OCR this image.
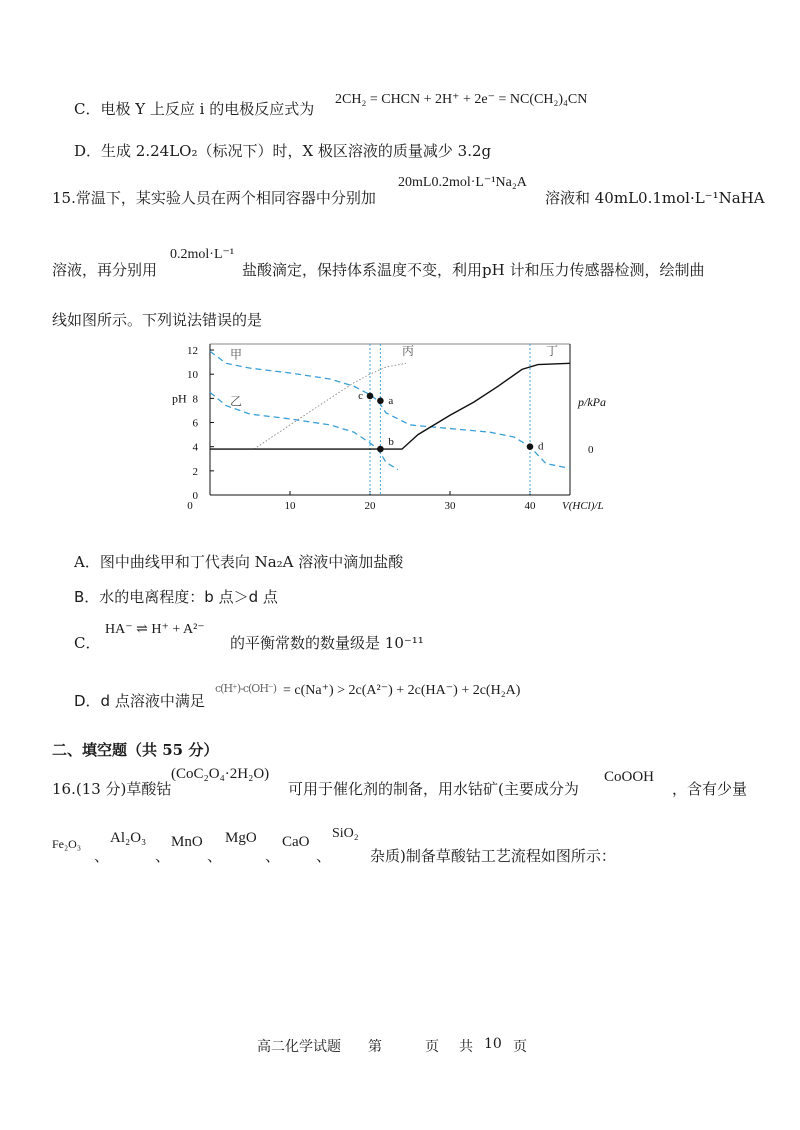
C．电极 Y 上反应 i 的电极反应式为
2CH₂ = CHCN + 2H⁺ + 2e⁻ = NC(CH₂)₄CN
D．生成 2.24LO₂（标况下）时，X 极区溶液的质量减少 3.2g
15.常温下，某实验人员在两个相同容器中分别加
20mL0.2mol·L⁻¹Na₂A
溶液和 40mL0.1mol·L⁻¹NaHA
溶液，再分别用
0.2mol·L⁻¹
盐酸滴定，保持体系温度不变，利用pH 计和压力传感器检测，绘制曲
线如图所示。下列说法错误的是
0
2
4
6
8
10
12
10	20	30	40
0
pH	p/kPa
0
V(HCl)/L
甲
乙
丙	丁
a
b
c
d
A．图中曲线甲和丁代表向 Na₂A 溶液中滴加盐酸
B．水的电离程度：b 点＞d 点
C．
HA⁻ ⇌ H⁺ + A²⁻
的平衡常数的数量级是 10⁻¹¹
D．d 点溶液中满足
c(H⁺)-c(OH⁻) = c(Na⁺) > 2c(A²⁻) + 2c(HA⁻) + 2c(H₂A)
二、填空题（共 55 分）
16.(13 分)草酸钴
(CoC₂O₄·2H₂O)
可用于催化剂的制备，用水钴矿(主要成分为
CoOOH
，含有少量
Fe₂O₃
、
Al₂O₃
、
MnO
、
MgO
、
CaO
、
SiO₂
杂质)制备草酸钴工艺流程如图所示：
高二化学试题 第	页 共 10 页
